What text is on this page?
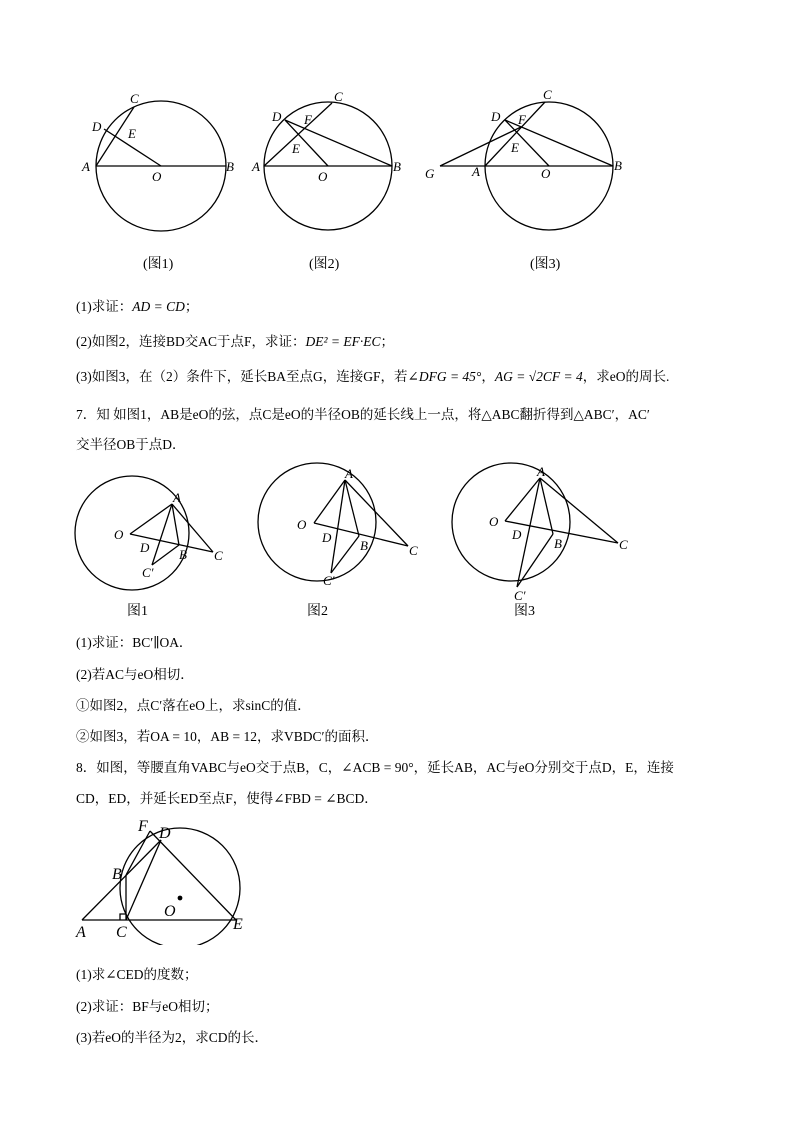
A	B
C
D E
O
A	B
C
D
E
F
O	G	A	B
C
D
E
F
O
(图1)	(图2)	(图3)
(1)求证：AD = CD；
(2)如图2，连接BD交AC于点F，求证：DE² = EF·EC；
(3)如图3，在（2）条件下，延长BA至点G，连接GF，若∠DFG = 45°，AG = √2CF = 4，求eO的周长.
7．知 如图1，AB是eO的弦，点C是eO的半径OB的延长线上一点，将△ABC翻折得到△ABC′，AC′
交半径OB于点D．
A
O
D B C
C′
A
O
D
B	C
C′
A
O
D
B	C
C′
图1	图2	图3
(1)求证：BC′∥OA．
(2)若AC与eO相切．
①如图2，点C′落在eO上，求sinC的值．
②如图3，若OA = 10，AB = 12，求VBDC′的面积．
8．如图，等腰直角VABC与eO交于点B，C，∠ACB = 90°，延长AB，AC与eO分别交于点D，E，连接
CD，ED，并延长ED至点F，使得∠FBD = ∠BCD．
F D
B
O
A C	E
(1)求∠CED的度数；
(2)求证：BF与eO相切；
(3)若eO的半径为2，求CD的长．
